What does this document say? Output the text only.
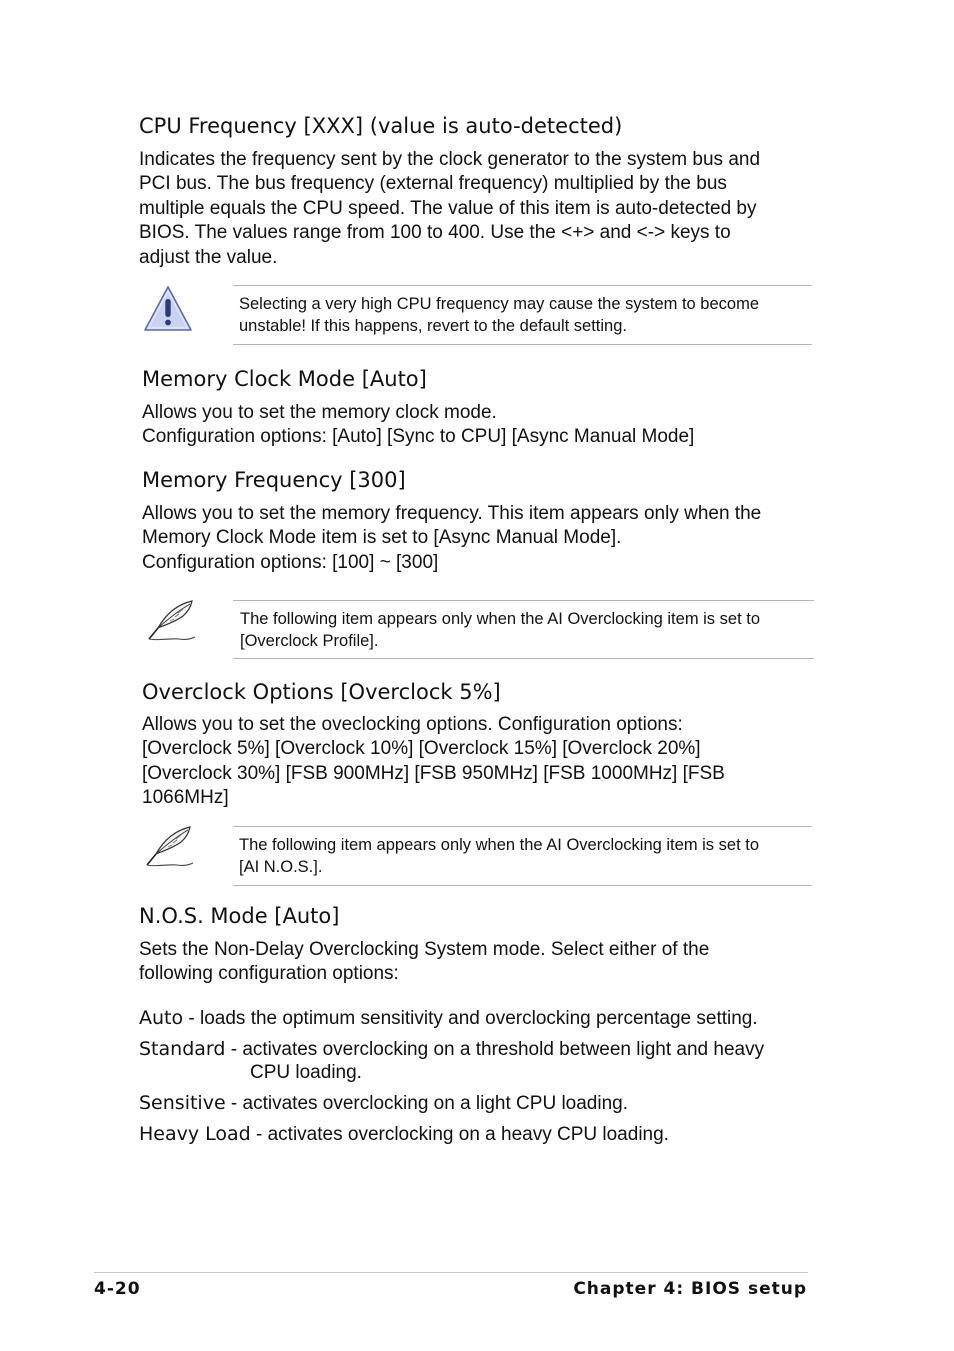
CPU Frequency [XXX] (value is auto-detected)

Indicates the frequency sent by the clock generator to the system bus and

PCI bus. The bus frequency (external frequency) multiplied by the bus

multiple equals the CPU speed. The value of this item is auto-detected by

BIOS. The values range from 100 to 400. Use the <+> and <-> keys to

adjust the value.

Selecting a very high CPU frequency may cause the system to become

unstable! If this happens, revert to the default setting.

Memory Clock Mode [Auto]

Allows you to set the memory clock mode.

Configuration options: [Auto] [Sync to CPU] [Async Manual Mode]

Memory Frequency [300]

Allows you to set the memory frequency. This item appears only when the

Memory Clock Mode item is set to [Async Manual Mode].

Configuration options: [100] ~ [300]

The following item appears only when the AI Overclocking item is set to

[Overclock Profile].

Overclock Options [Overclock 5%]

Allows you to set the oveclocking options. Configuration options:

[Overclock 5%] [Overclock 10%] [Overclock 15%] [Overclock 20%]

[Overclock 30%] [FSB 900MHz] [FSB 950MHz] [FSB 1000MHz] [FSB

1066MHz]

The following item appears only when the AI Overclocking item is set to

[AI N.O.S.].

N.O.S. Mode [Auto]

Sets the Non-Delay Overclocking System mode. Select either of the

following configuration options:

Auto - loads the optimum sensitivity and overclocking percentage setting.
Standard - activates overclocking on a threshold between light and heavy
CPU loading.
Sensitive - activates overclocking on a light CPU loading.
Heavy Load - activates overclocking on a heavy CPU loading.
4-20	Chapter 4: BIOS setup
